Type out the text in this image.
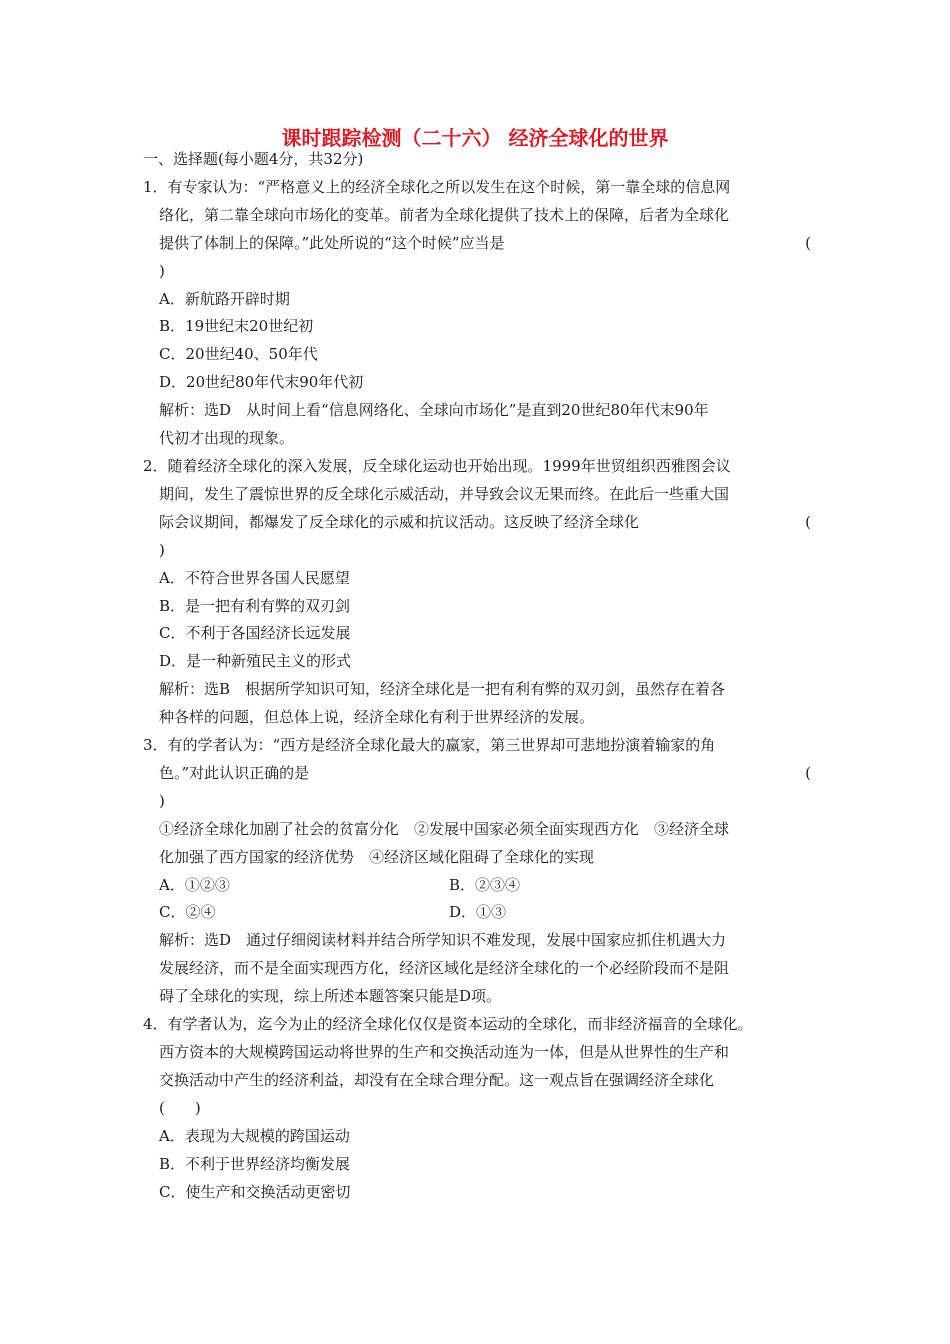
课时跟踪检测（二十六） 经济全球化的世界

一、选择题(每小题4分，共32分)

1．有专家认为：“严格意义上的经济全球化之所以发生在这个时候，第一靠全球的信息网

络化，第二靠全球向市场化的变革。前者为全球化提供了技术上的保障，后者为全球化

提供了体制上的保障。”此处所说的“这个时候”应当是	(

)

A．新航路开辟时期

B．19世纪末20世纪初

C．20世纪40、50年代

D．20世纪80年代末90年代初

解析：选D　从时间上看“信息网络化、全球向市场化”是直到20世纪80年代末90年

代初才出现的现象。

2．随着经济全球化的深入发展，反全球化运动也开始出现。1999年世贸组织西雅图会议

期间，发生了震惊世界的反全球化示威活动，并导致会议无果而终。在此后一些重大国

际会议期间，都爆发了反全球化的示威和抗议活动。这反映了经济全球化	(

)

A．不符合世界各国人民愿望

B．是一把有利有弊的双刃剑

C．不利于各国经济长远发展

D．是一种新殖民主义的形式

解析：选B　根据所学知识可知，经济全球化是一把有利有弊的双刃剑，虽然存在着各

种各样的问题，但总体上说，经济全球化有利于世界经济的发展。

3．有的学者认为：“西方是经济全球化最大的赢家，第三世界却可悲地扮演着输家的角

色。”对此认识正确的是	(

)

①经济全球化加剧了社会的贫富分化　②发展中国家必须全面实现西方化　③经济全球

化加强了西方国家的经济优势　④经济区域化阻碍了全球化的实现

A．①②③	B．②③④
C．②④	D．①③

解析：选D　通过仔细阅读材料并结合所学知识不难发现，发展中国家应抓住机遇大力

发展经济，而不是全面实现西方化，经济区域化是经济全球化的一个必经阶段而不是阻

碍了全球化的实现，综上所述本题答案只能是D项。

4．有学者认为，迄今为止的经济全球化仅仅是资本运动的全球化，而非经济福音的全球化。

西方资本的大规模跨国运动将世界的生产和交换活动连为一体，但是从世界性的生产和

交换活动中产生的经济利益，却没有在全球合理分配。这一观点旨在强调经济全球化

(　　)

A．表现为大规模的跨国运动

B．不利于世界经济均衡发展

C．使生产和交换活动更密切
